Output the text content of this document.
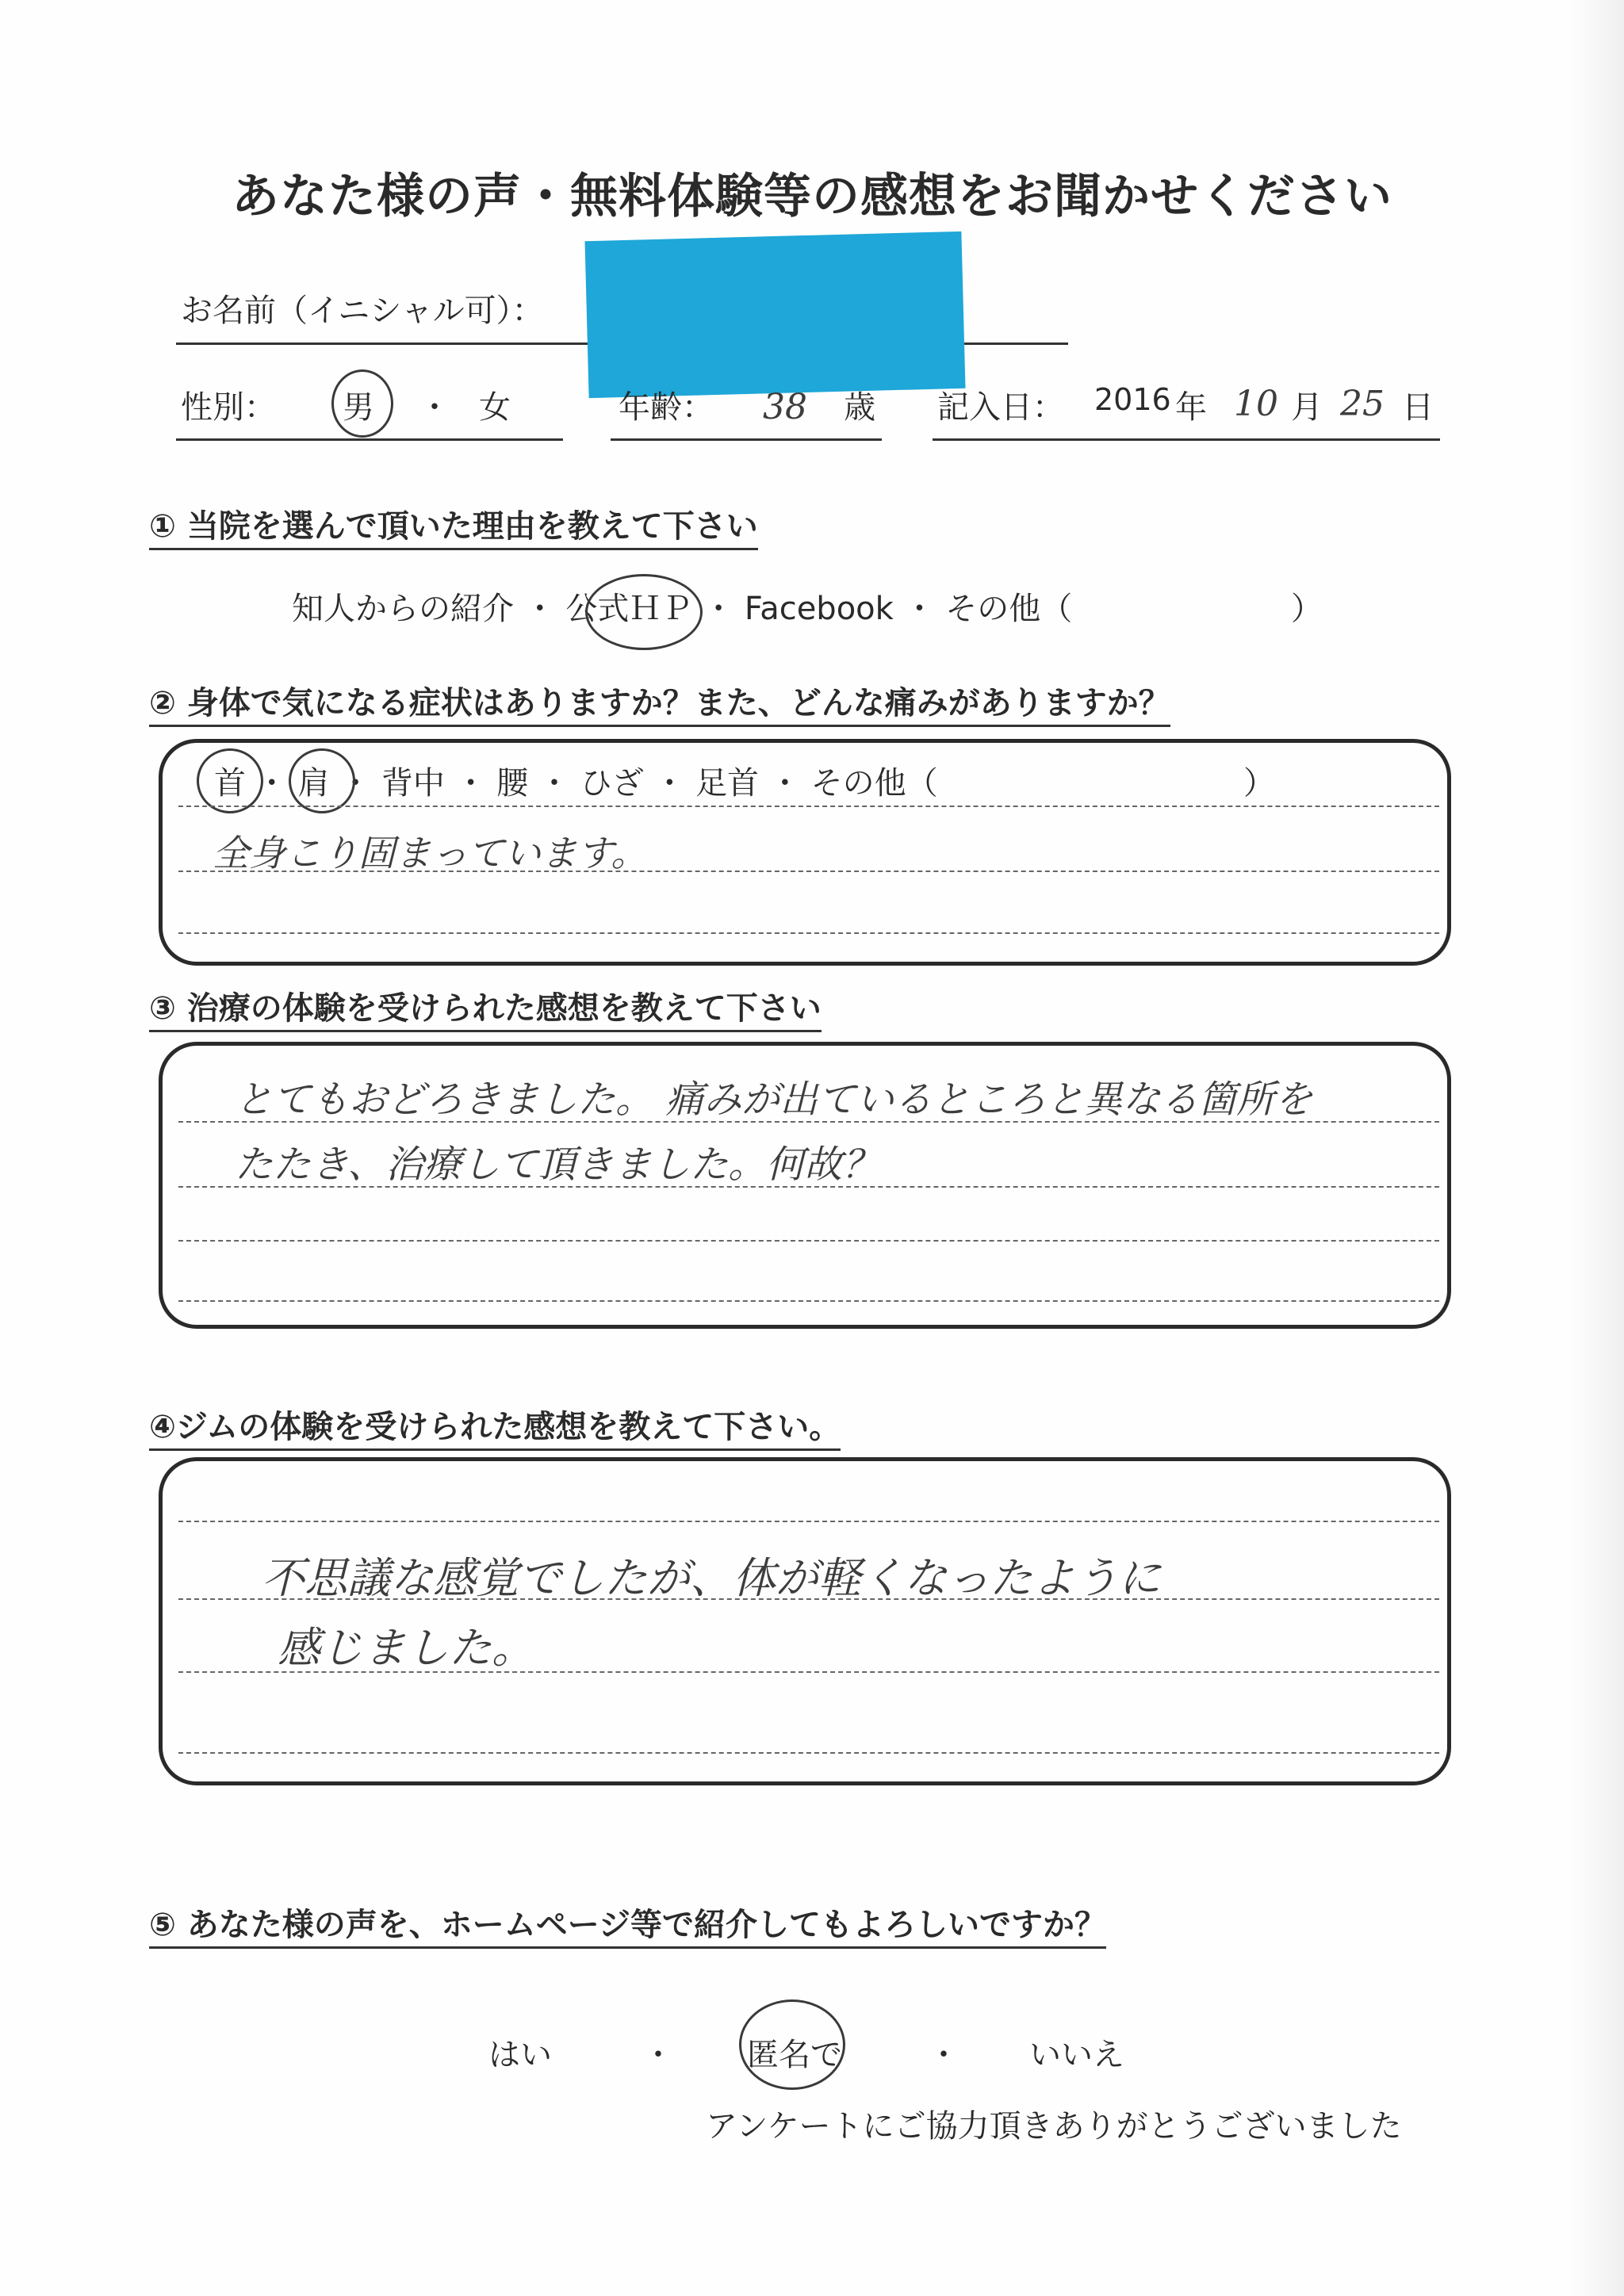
あなた様の声・無料体験等の感想をお聞かせください
お名前（イニシャル可）：
性別： 男 ・ 女	年齢： 38 歳 記入日： 2016 年 10 月 25 日
① 当院を選んで頂いた理由を教えて下さい
知人からの紹介 ・ 公式ＨＰ ・ Facebook ・ その他（	）
② 身体で気になる症状はありますか？また、どんな痛みがありますか？
首 ・ 肩 ・ 背中 ・ 腰 ・ ひざ ・ 足首 ・ その他（	）
全身こり固まっています。
③ 治療の体験を受けられた感想を教えて下さい
とてもおどろきました。 痛みが出ているところと異なる箇所を
たたき、治療して頂きました。何故？
④ジムの体験を受けられた感想を教えて下さい。
不思議な感覚でしたが、体が軽くなったように
感じました。
⑤ あなた様の声を、ホームページ等で紹介してもよろしいですか？
はい	・ 匿名で	・ いいえ
アンケートにご協力頂きありがとうございました
